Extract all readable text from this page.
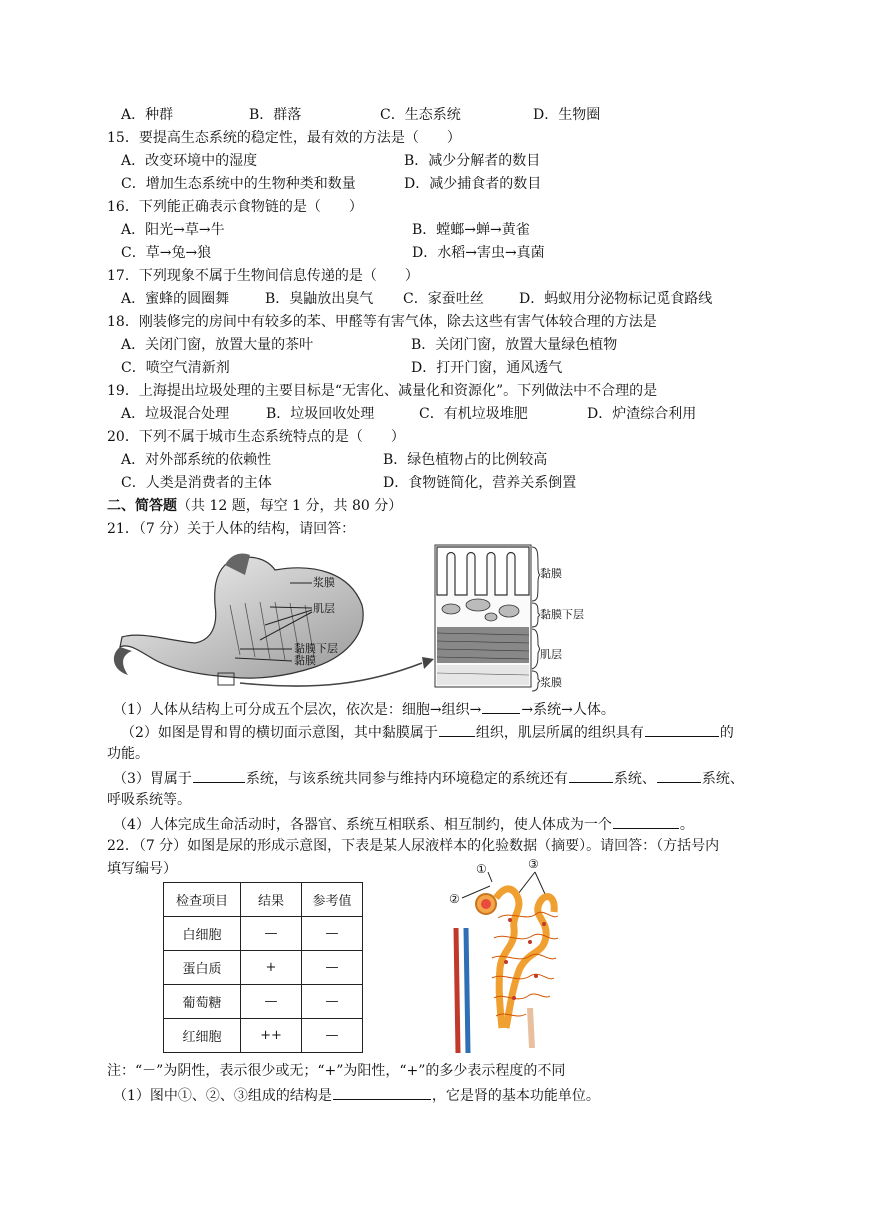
A．种群	B．群落	C．生态系统	D．生物圈
15．要提高生态系统的稳定性，最有效的方法是（　　）
A．改变环境中的湿度	B．减少分解者的数目
C．增加生态系统中的生物种类和数量	D．减少捕食者的数目
16．下列能正确表示食物链的是（　　）
A．阳光→草→牛	B．螳螂→蝉→黄雀
C．草→兔→狼	D．水稻→害虫→真菌
17．下列现象不属于生物间信息传递的是（　　）
A．蜜蜂的圆圈舞	B．臭鼬放出臭气 C．家蚕吐丝	D．蚂蚁用分泌物标记觅食路线
18．刚装修完的房间中有较多的苯、甲醛等有害气体，除去这些有害气体较合理的方法是
A．关闭门窗，放置大量的茶叶	B．关闭门窗，放置大量绿色植物
C．喷空气清新剂	D．打开门窗，通风透气
19．上海提出垃圾处理的主要目标是“无害化、减量化和资源化”。下列做法中不合理的是
A．垃圾混合处理	B．垃圾回收处理	C．有机垃圾堆肥	D．炉渣综合利用
20．下列不属于城市生态系统特点的是（　　）
A．对外部系统的依赖性	B．绿色植物占的比例较高
C．人类是消费者的主体	D．食物链简化，营养关系倒置
二、简答题（共 12 题，每空 1 分，共 80 分）
21．（7 分）关于人体的结构，请回答：
浆膜
肌层
黏膜下层
黏膜
黏膜
黏膜下层
肌层
浆膜
（1）人体从结构上可分成五个层次，依次是：细胞→组织→	→系统→人体。
（2）如图是胃和胃的横切面示意图，其中黏膜属于	组织，肌层所属的组织具有	的
功能。
（3）胃属于	系统，与该系统共同参与维持内环境稳定的系统还有	系统、	系统、
呼吸系统等。
（4）人体完成生命活动时，各器官、系统互相联系、相互制约，使人体成为一个	。
22．（7 分）如图是尿的形成示意图，下表是某人尿液样本的化验数据（摘要）。请回答：（方括号内
填写编号）
检查项目	结果	参考值
白细胞	—	—
蛋白质	+	—
葡萄糖	—	—
红细胞	++	—
①
②
③
注：“－”为阴性，表示很少或无；“+”为阳性，“+”的多少表示程度的不同
（1）图中①、②、③组成的结构是	，它是肾的基本功能单位。
